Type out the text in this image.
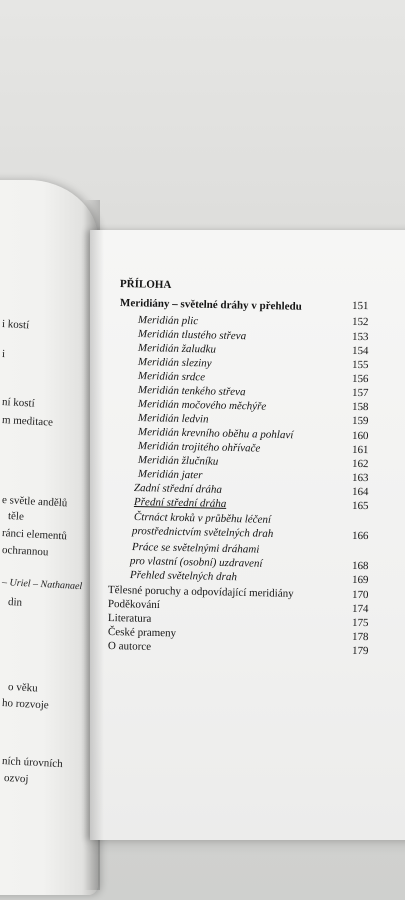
i kostí
i
ní kostí
m meditace
e světle andělů
těle
ránci elementů
ochrannou
– Uriel – Nathanael
din
o věku
ho rozvoje
ních úrovních
ozvoj
PŘÍLOHA
Meridiány – světelné dráhy v přehledu	151
Meridián plic	152
Meridián tlustého střeva	153
Meridián žaludku	154
Meridián sleziny	155
Meridián srdce	156
Meridián tenkého střeva	157
Meridián močového měchýře	158
Meridián ledvin	159
Meridián krevního oběhu a pohlaví	160
Meridián trojitého ohřívače	161
Meridián žlučníku	162
Meridián jater	163
Zadní střední dráha	164
Přední střední dráha	165
Čtrnáct kroků v průběhu léčení
prostřednictvím světelných drah	166
Práce se světelnými dráhami
pro vlastní (osobní) uzdravení	168
Přehled světelných drah	169
Tělesné poruchy a odpovídající meridiány	170
Poděkování	174
Literatura	175
České prameny	178
O autorce	179
